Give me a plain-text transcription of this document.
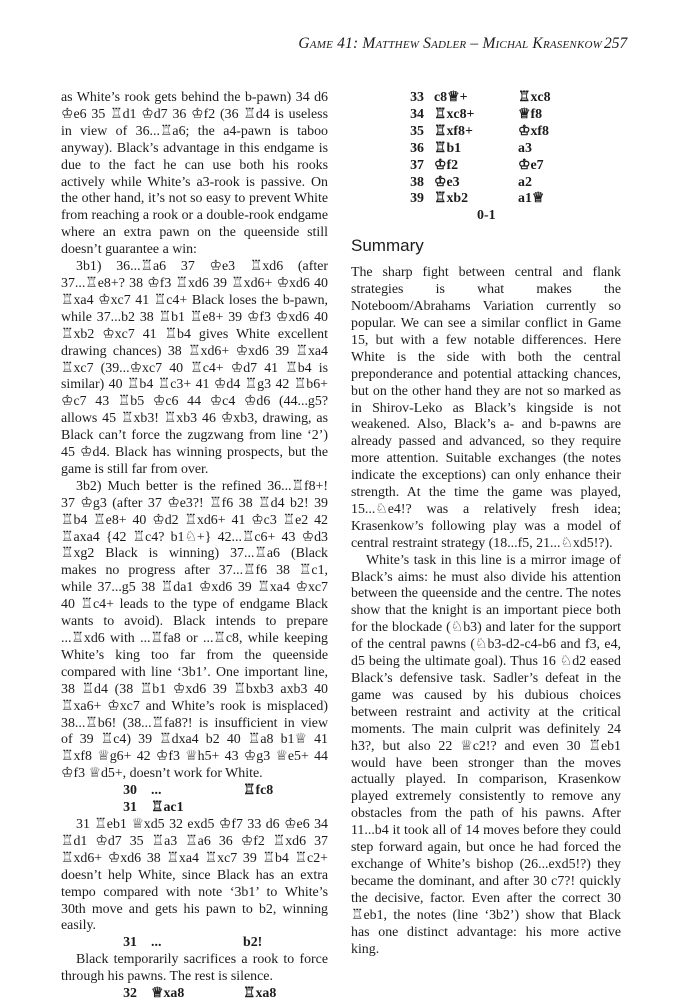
Game 41: Matthew Sadler – Michal Krasenkow 257

as White’s rook gets behind the b-pawn) 34 d6 ♔e6 35 ♖d1 ♔d7 36 ♔f2 (36 ♖d4 is useless in view of 36...♖a6; the a4-pawn is taboo anyway). Black’s advantage in this endgame is due to the fact he can use both his rooks actively while White’s a3-rook is passive. On the other hand, it’s not so easy to prevent White from reaching a rook or a double-rook endgame where an extra pawn on the queenside still doesn’t guarantee a win:

3b1) 36...♖a6 37 ♔e3 ♖xd6 (after 37...♖e8+? 38 ♔f3 ♖xd6 39 ♖xd6+ ♔xd6 40 ♖xa4 ♔xc7 41 ♖c4+ Black loses the b-pawn, while 37...b2 38 ♖b1 ♖e8+ 39 ♔f3 ♔xd6 40 ♖xb2 ♔xc7 41 ♖b4 gives White excellent drawing chances) 38 ♖xd6+ ♔xd6 39 ♖xa4 ♖xc7 (39...♔xc7 40 ♖c4+ ♔d7 41 ♖b4 is similar) 40 ♖b4 ♖c3+ 41 ♔d4 ♖g3 42 ♖b6+ ♔c7 43 ♖b5 ♔c6 44 ♔c4 ♔d6 (44...g5? allows 45 ♖xb3! ♖xb3 46 ♔xb3, drawing, as Black can’t force the zugzwang from line ‘2’) 45 ♔d4. Black has winning prospects, but the game is still far from over.

3b2) Much better is the refined 36...♖f8+! 37 ♔g3 (after 37 ♔e3?! ♖f6 38 ♖d4 b2! 39 ♖b4 ♖e8+ 40 ♔d2 ♖xd6+ 41 ♔c3 ♖e2 42 ♖axa4 {42 ♖c4? b1♘+} 42...♖c6+ 43 ♔d3 ♖xg2 Black is winning) 37...♖a6 (Black makes no progress after 37...♖f6 38 ♖c1, while 37...g5 38 ♖da1 ♔xd6 39 ♖xa4 ♔xc7 40 ♖c4+ leads to the type of endgame Black wants to avoid). Black intends to prepare ...♖xd6 with ...♖fa8 or ...♖c8, while keeping White’s king too far from the queenside compared with line ‘3b1’. One important line, 38 ♖d4 (38 ♖b1 ♔xd6 39 ♖bxb3 axb3 40 ♖xa6+ ♔xc7 and White’s rook is misplaced) 38...♖b6! (38...♖fa8?! is insufficient in view of 39 ♖c4) 39 ♖dxa4 b2 40 ♖a8 b1♕ 41 ♖xf8 ♕g6+ 42 ♔f3 ♕h5+ 43 ♔g3 ♕e5+ 44 ♔f3 ♕d5+, doesn’t work for White.

30	...	♖fc8
31	♖ac1

31 ♖eb1 ♕xd5 32 exd5 ♔f7 33 d6 ♔e6 34 ♖d1 ♔d7 35 ♖a3 ♖a6 36 ♔f2 ♖xd6 37 ♖xd6+ ♔xd6 38 ♖xa4 ♖xc7 39 ♖b4 ♖c2+ doesn’t help White, since Black has an extra tempo compared with note ‘3b1’ to White’s 30th move and gets his pawn to b2, winning easily.

31	...	b2!

Black temporarily sacrifices a rook to force through his pawns. The rest is silence.

32	♕xa8	♖xa8
33 c8♕+	♖xc8
34 ♖xc8+	♕f8
35 ♖xf8+	♔xf8
36 ♖b1	a3
37 ♔f2	♔e7
38 ♔e3	a2
39 ♖xb2	a1♕
0-1
Summary

The sharp fight between central and flank strategies is what makes the Noteboom/Abrahams Variation currently so popular. We can see a similar conflict in Game 15, but with a few notable differences. Here White is the side with both the central preponderance and potential attacking chances, but on the other hand they are not so marked as in Shirov-Leko as Black’s kingside is not weakened. Also, Black’s a- and b-pawns are already passed and advanced, so they require more attention. Suitable exchanges (the notes indicate the exceptions) can only enhance their strength. At the time the game was played, 15...♘e4!? was a relatively fresh idea; Krasenkow’s following play was a model of central restraint strategy (18...f5, 21...♘xd5!?).

White’s task in this line is a mirror image of Black’s aims: he must also divide his attention between the queenside and the centre. The notes show that the knight is an important piece both for the blockade (♘b3) and later for the support of the central pawns (♘b3-d2-c4-b6 and f3, e4, d5 being the ultimate goal). Thus 16 ♘d2 eased Black’s defensive task. Sadler’s defeat in the game was caused by his dubious choices between restraint and activity at the critical moments. The main culprit was definitely 24 h3?, but also 22 ♕c2!? and even 30 ♖eb1 would have been stronger than the moves actually played. In comparison, Krasenkow played extremely consistently to remove any obstacles from the path of his pawns. After 11...b4 it took all of 14 moves before they could step forward again, but once he had forced the exchange of White’s bishop (26...exd5!?) they became the dominant, and after 30 c7?! quickly the decisive, factor. Even after the correct 30 ♖eb1, the notes (line ‘3b2’) show that Black has one distinct advantage: his more active king.
